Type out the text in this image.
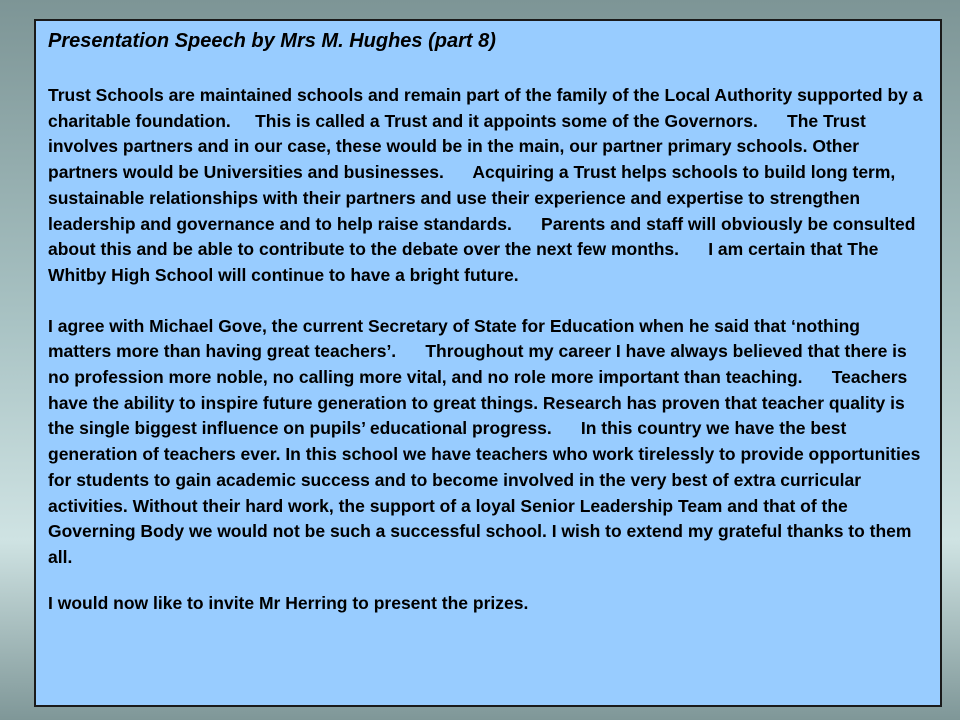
Presentation Speech by Mrs M. Hughes (part 8)

Trust Schools are maintained schools and remain part of the family of the Local Authority supported by a charitable foundation.     This is called a Trust and it appoints some of the Governors.      The Trust involves partners and in our case, these would be in the main, our partner primary schools. Other partners would be Universities and businesses.      Acquiring a Trust helps schools to build long term, sustainable relationships with their partners and use their experience and expertise to strengthen leadership and governance and to help raise standards.      Parents and staff will obviously be consulted about this and be able to contribute to the debate over the next few months.      I am certain that The Whitby High School will continue to have a bright future.

I agree with Michael Gove, the current Secretary of State for Education when he said that ‘nothing matters more than having great teachers’.      Throughout my career I have always believed that there is no profession more noble, no calling more vital, and no role more important than teaching.      Teachers have the ability to inspire future generation to great things. Research has proven that teacher quality is the single biggest influence on pupils’ educational progress.      In this country we have the best generation of teachers ever. In this school we have teachers who work tirelessly to provide opportunities for students to gain academic success and to become involved in the very best of extra curricular activities. Without their hard work, the support of a loyal Senior Leadership Team and that of the Governing Body we would not be such a successful school. I wish to extend my grateful thanks to them all.

I would now like to invite Mr Herring to present the prizes.
